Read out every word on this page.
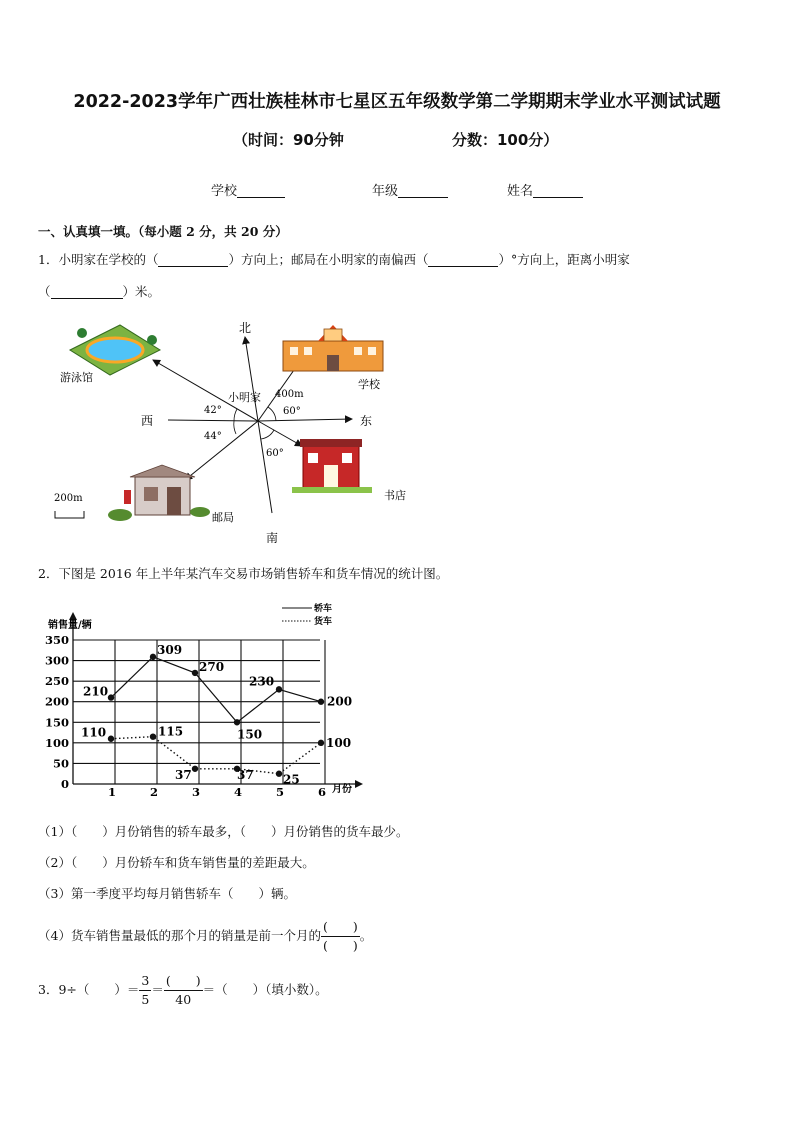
2022-2023学年广西壮族桂林市七星区五年级数学第二学期期末学业水平测试试题
（时间：90分钟	分数：100分）
学校	年级	姓名
一、认真填一填。（每小题 2 分，共 20 分）
1．小明家在学校的（	）方向上；邮局在小明家的南偏西（	）°方向上，距离小明家
（	）米。
北
南
东
西
小明家 400m
42°	60°
44°
60°
游泳馆
学校
书店
邮局
200m
2．下图是 2016 年上半年某汽车交易市场销售轿车和货车情况的统计图。
0
50
100
150
200
250
300
350
1	2	3	4	5	6
210
309
270
150
230
200
110	115
37	37 25
100
销售量/辆
月份
轿车
货车
（1）（　　）月份销售的轿车最多，（　　）月份销售的货车最少。
（2）（　　）月份轿车和货车销售量的差距最大。
（3）第一季度平均每月销售轿车（　　）辆。
（4）货车销售量最低的那个月的销量是前一个月的 $\frac{( )}{( )}$ 。
3．9÷（　　）＝ $\frac{3}{5} = \frac{( )}{40}$ ＝（　　）（填小数）。
